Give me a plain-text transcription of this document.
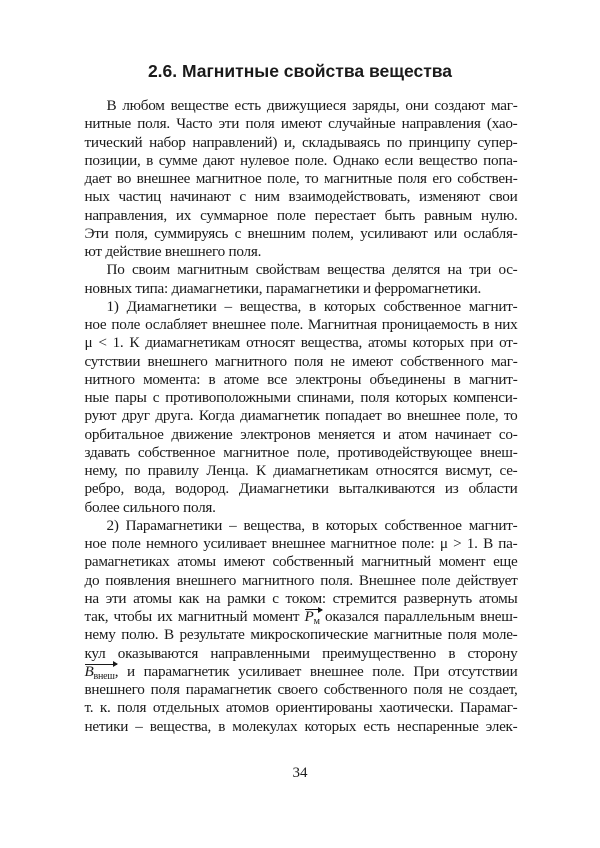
2.6. Магнитные свойства вещества
В любом веществе есть движущиеся заряды, они создают маг-
нитные поля. Часто эти поля имеют случайные направления (хао-
тический набор направлений) и, складываясь по принципу супер-
позиции, в сумме дают нулевое поле. Однако если вещество попа-
дает во внешнее магнитное поле, то магнитные поля его собствен-
ных частиц начинают с ним взаимодействовать, изменяют свои
направления, их суммарное поле перестает быть равным нулю.
Эти поля, суммируясь с внешним полем, усиливают или ослабля-
ют действие внешнего поля.
По своим магнитным свойствам вещества делятся на три ос-
новных типа: диамагнетики, парамагнетики и ферромагнетики.
1) Диамагнетики – вещества, в которых собственное магнит-
ное поле ослабляет внешнее поле. Магнитная проницаемость в них
μ < 1. К диамагнетикам относят вещества, атомы которых при от-
сутствии внешнего магнитного поля не имеют собственного маг-
нитного момента: в атоме все электроны объединены в магнит-
ные пары с противоположными спинами, поля которых компенси-
руют друг друга. Когда диамагнетик попадает во внешнее поле, то
орбитальное движение электронов меняется и атом начинает со-
здавать собственное магнитное поле, противодействующее внеш-
нему, по правилу Ленца. К диамагнетикам относятся висмут, се-
ребро, вода, водород. Диамагнетики выталкиваются из области
более сильного поля.
2) Парамагнетики – вещества, в которых собственное магнит-
ное поле немного усиливает внешнее магнитное поле: μ > 1. В па-
рамагнетиках атомы имеют собственный магнитный момент еще
до появления внешнего магнитного поля. Внешнее поле действует
на эти атомы как на рамки с током: стремится развернуть атомы
так, чтобы их магнитный момент
$P_м$ оказался параллельным внеш-
нему полю. В результате микроскопические магнитные поля моле-
кул оказываются направленными преимущественно в сторону
$B_{внеш}$, и парамагнетик усиливает внешнее поле. При отсутствии
внешнего поля парамагнетик своего собственного поля не создает,
т. к. поля отдельных атомов ориентированы хаотически. Парамаг-
нетики – вещества, в молекулах которых есть неспаренные элек-
34
